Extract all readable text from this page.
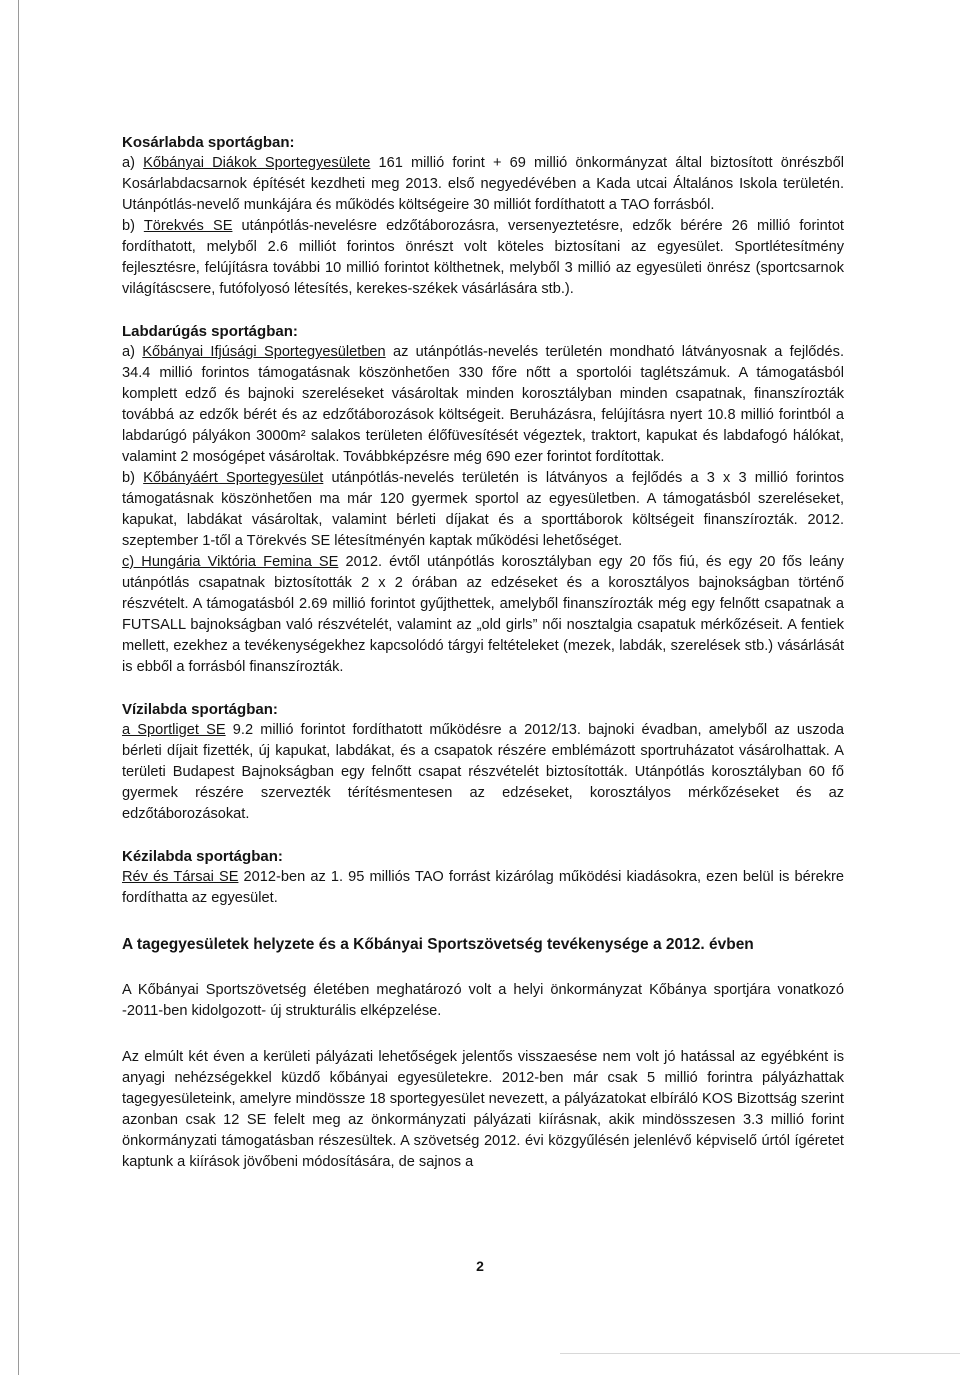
Kosárlabda sportágban:

a) Kőbányai Diákok Sportegyesülete 161 millió forint + 69 millió önkormányzat által biztosított önrészből Kosárlabdacsarnok építését kezdheti meg 2013. első negyedévében a Kada utcai Általános Iskola területén. Utánpótlás-nevelő munkájára és működés költségeire 30 milliót fordíthatott a TAO forrásból.

b) Törekvés SE utánpótlás-nevelésre edzőtáborozásra, versenyeztetésre, edzők bérére 26 millió forintot fordíthatott, melyből 2.6 milliót forintos önrészt volt köteles biztosítani az egyesület. Sportlétesítmény fejlesztésre, felújításra további 10 millió forintot költhetnek, melyből 3 millió az egyesületi önrész (sportcsarnok világításcsere, futófolyosó létesítés, kerekes-székek vásárlására stb.).

Labdarúgás sportágban:

a) Kőbányai Ifjúsági Sportegyesületben az utánpótlás-nevelés területén mondható látványosnak a fejlődés. 34.4 millió forintos támogatásnak köszönhetően 330 főre nőtt a sportolói taglétszámuk. A támogatásból komplett edző és bajnoki szereléseket vásároltak minden korosztályban minden csapatnak, finanszírozták továbbá az edzők bérét és az edzőtáborozások költségeit. Beruházásra, felújításra nyert 10.8 millió forintból a labdarúgó pályákon 3000m² salakos területen élőfüvesítését végeztek, traktort, kapukat és labdafogó hálókat, valamint 2 mosógépet vásároltak. Továbbképzésre még 690 ezer forintot fordítottak.

b) Kőbányáért Sportegyesület utánpótlás-nevelés területén is látványos a fejlődés a 3 x 3 millió forintos támogatásnak köszönhetően ma már 120 gyermek sportol az egyesületben. A támogatásból szereléseket, kapukat, labdákat vásároltak, valamint bérleti díjakat és a sporttáborok költségeit finanszírozták. 2012. szeptember 1-től a Törekvés SE létesítményén kaptak működési lehetőséget.

c) Hungária Viktória Femina SE 2012. évtől utánpótlás korosztályban egy 20 fős fiú, és egy 20 fős leány utánpótlás csapatnak biztosították 2 x 2 órában az edzéseket és a korosztályos bajnokságban történő részvételt. A támogatásból 2.69 millió forintot gyűjthettek, amelyből finanszírozták még egy felnőtt csapatnak a FUTSALL bajnokságban való részvételét, valamint az „old girls” női nosztalgia csapatuk mérkőzéseit. A fentiek mellett, ezekhez a tevékenységekhez kapcsolódó tárgyi feltételeket (mezek, labdák, szerelések stb.) vásárlását is ebből a forrásból finanszírozták.

Vízilabda sportágban:

a Sportliget SE 9.2 millió forintot fordíthatott működésre a 2012/13. bajnoki évadban, amelyből az uszoda bérleti díjait fizették, új kapukat, labdákat, és a csapatok részére emblémázott sportruházatot vásárolhattak. A területi Budapest Bajnokságban egy felnőtt csapat részvételét biztosították. Utánpótlás korosztályban 60 fő gyermek részére szervezték térítésmentesen az edzéseket, korosztályos mérkőzéseket és az edzőtáborozásokat.

Kézilabda sportágban:

Rév és Társai SE 2012-ben az 1. 95 milliós TAO forrást kizárólag működési kiadásokra, ezen belül is bérekre fordíthatta az egyesület.

A tagegyesületek helyzete és a Kőbányai Sportszövetség tevékenysége a 2012. évben

A Kőbányai Sportszövetség életében meghatározó volt a helyi önkormányzat Kőbánya sportjára vonatkozó -2011-ben kidolgozott- új strukturális elképzelése.

Az elmúlt két éven a kerületi pályázati lehetőségek jelentős visszaesése nem volt jó hatással az egyébként is anyagi nehézségekkel küzdő kőbányai egyesületekre. 2012-ben már csak 5 millió forintra pályázhattak tagegyesületeink, amelyre mindössze 18 sportegyesület nevezett, a pályázatokat elbíráló KOS Bizottság szerint azonban csak 12 SE felelt meg az önkormányzati pályázati kiírásnak, akik mindösszesen 3.3 millió forint önkormányzati támogatásban részesültek. A szövetség 2012. évi közgyűlésén jelenlévő képviselő úrtól ígéretet kaptunk a kiírások jövőbeni módosítására, de sajnos a

2
